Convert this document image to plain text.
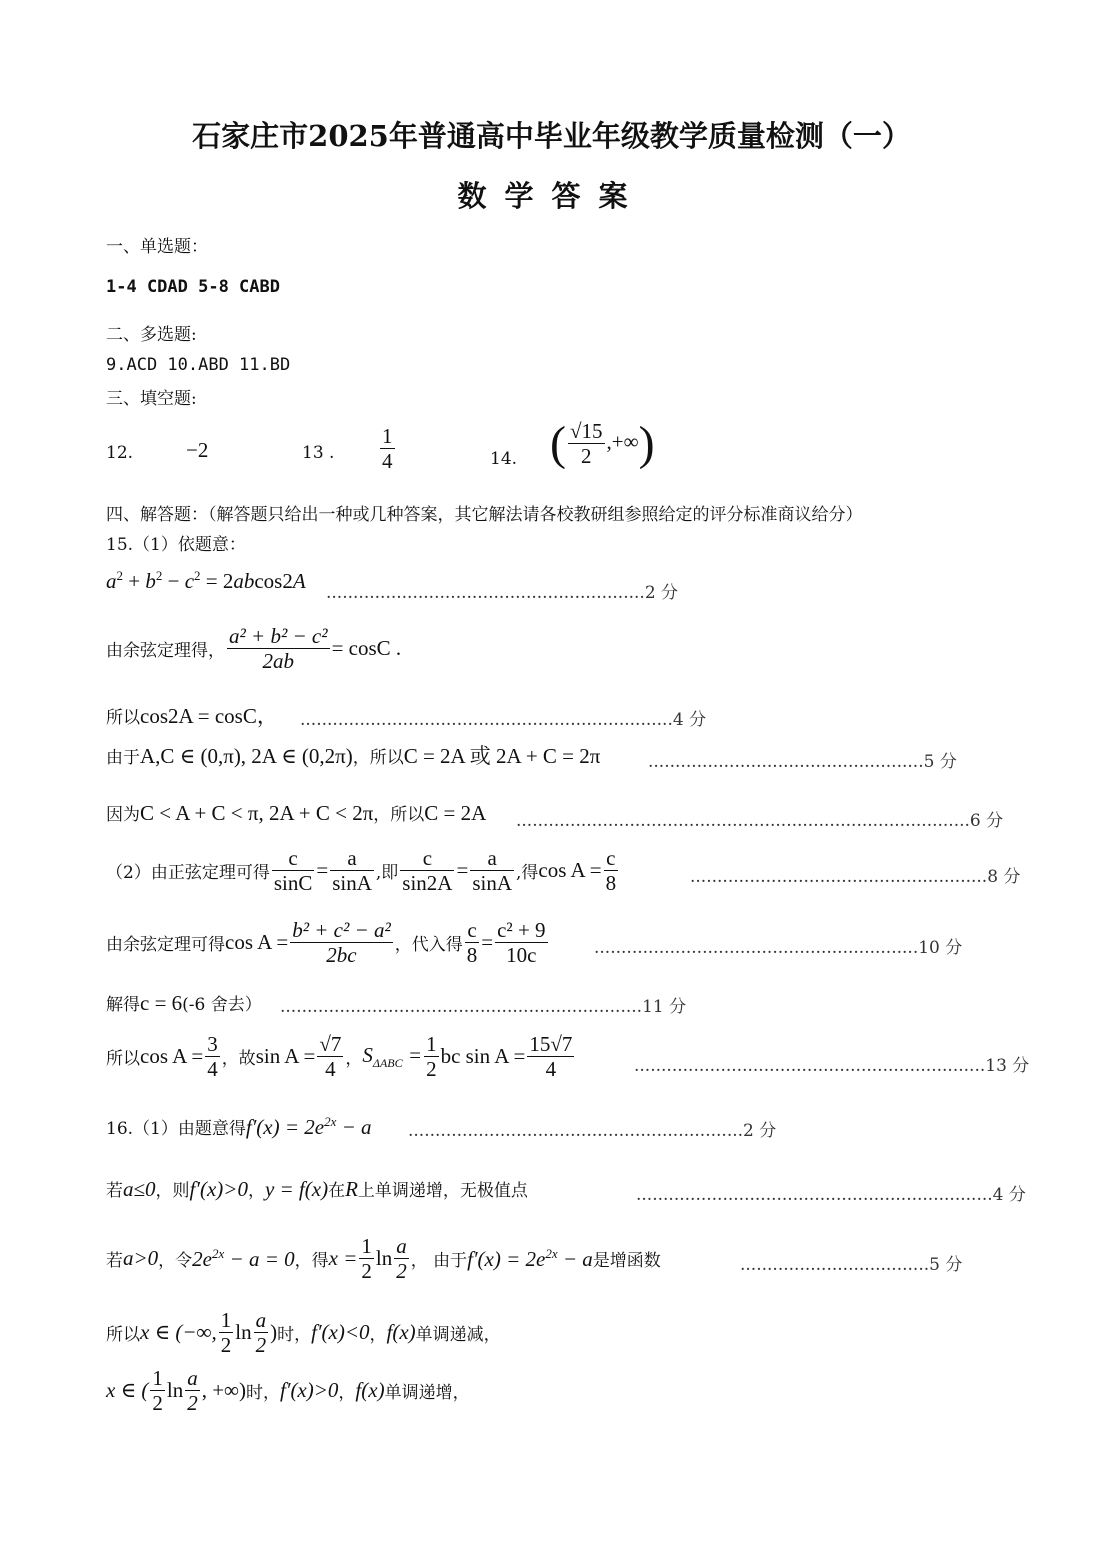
石家庄市2025年普通高中毕业年级教学质量检测（一）
数学答案
一、单选题：
1-4 CDAD 5-8 CABD
二、多选题:
9.ACD 10.ABD 11.BD
三、填空题:
12.	−2	13 . $\frac{1}{4}$	14. ( $\frac{√15}{2}$ ,+∞)
四、解答题：（解答题只给出一种或几种答案，其它解法请各校教研组参照给定的评分标准商议给分）
15.（1）依题意：
$a^2 + b^2 - c^2 = 2abcos2A$ ...........................................................2 分
由余弦定理得， $\frac{\text{a² + b² − c²}}{2ab} = \cos C$ .
所以cos2A = cosC， .....................................................................4 分
由于A,C ∈ (0,π), 2A ∈ (0,2π)，所以C = 2A 或 2A + C = 2π	...................................................5 分
因为C < A + C < π, 2A + C < 2π，所以C = 2A ....................................................................................6 分
（2）由正弦定理可得 $\frac{c}{\sin C} = \frac{a}{\sin A}$ ,即 $\frac{c}{\sin 2A} = \frac{a}{\sin A}$ ,得$\cos A = \frac{c}{8}$	.......................................................8 分
由余弦定理可得$\cos A = \frac{\text{b² + c² − a²}}{2bc}$ ，代入得 $\frac{c}{8} = \frac{\text{c² + 9}}{10c}$	............................................................10 分
解得c = 6(-6 舍去） ...................................................................11 分
所以$\cos A = \frac{3}{4}$ ，故$\sin A = \frac{√7}{4}$ ，$S_{\Delta ABC} = \frac{1}{2}$ bc $\sin A = \frac{15√7}{4}$	.................................................................13 分
16.（1）由题意得$f'(x) = 2e^{2x} - a$ ..............................................................2 分
若a≤0，则f′(x)>0，y = f(x)在R上单调递增，无极值点	..................................................................4 分
若a>0，令$2e^{2x} - a = 0$，得$x = \frac{1}{2}$ $\ln \frac{a}{2}$ ， 由于$f'(x) = 2e^{2x} - a$是增函数	...................................5 分
所以x ∈ (−∞, $\frac{1}{2}$ $\ln \frac{a}{2}$ )时，f′(x)<0，f(x)单调递减，
x ∈ ( $\frac{1}{2}$ $\ln \frac{a}{2}$ , +∞)时，f′(x)>0，f(x)单调递增，
